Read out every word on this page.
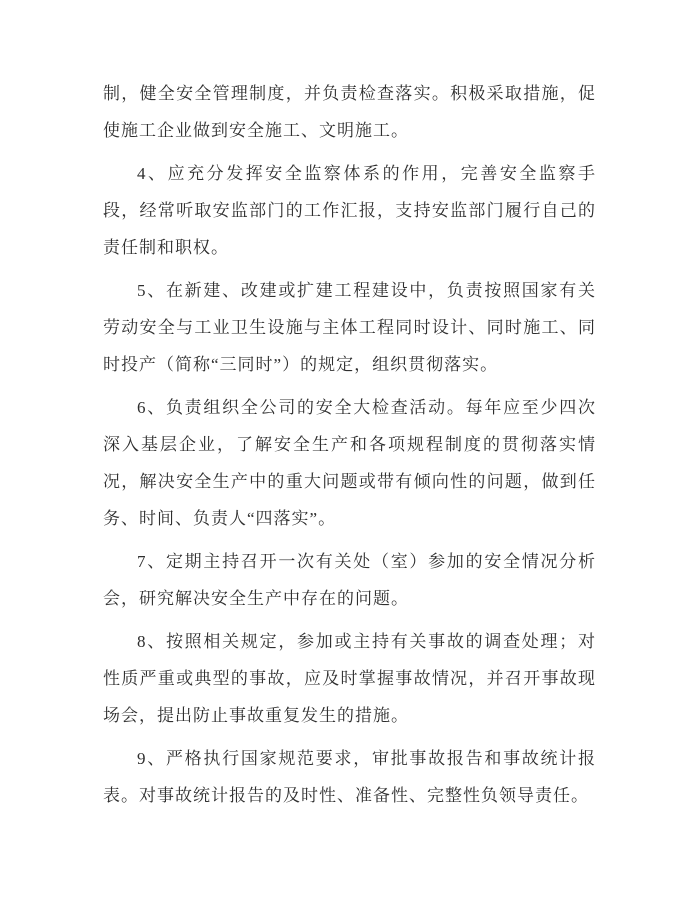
制，健全安全管理制度，并负责检查落实。积极采取措施，促使施工企业做到安全施工、文明施工。

4、应充分发挥安全监察体系的作用，完善安全监察手段，经常听取安监部门的工作汇报，支持安监部门履行自己的责任制和职权。

5、在新建、改建或扩建工程建设中，负责按照国家有关劳动安全与工业卫生设施与主体工程同时设计、同时施工、同时投产（简称“三同时”）的规定，组织贯彻落实。

6、负责组织全公司的安全大检查活动。每年应至少四次深入基层企业，了解安全生产和各项规程制度的贯彻落实情况，解决安全生产中的重大问题或带有倾向性的问题，做到任务、时间、负责人“四落实”。

7、定期主持召开一次有关处（室）参加的安全情况分析会，研究解决安全生产中存在的问题。

8、按照相关规定，参加或主持有关事故的调查处理；对性质严重或典型的事故，应及时掌握事故情况，并召开事故现场会，提出防止事故重复发生的措施。

9、严格执行国家规范要求，审批事故报告和事故统计报表。对事故统计报告的及时性、准备性、完整性负领导责任。
